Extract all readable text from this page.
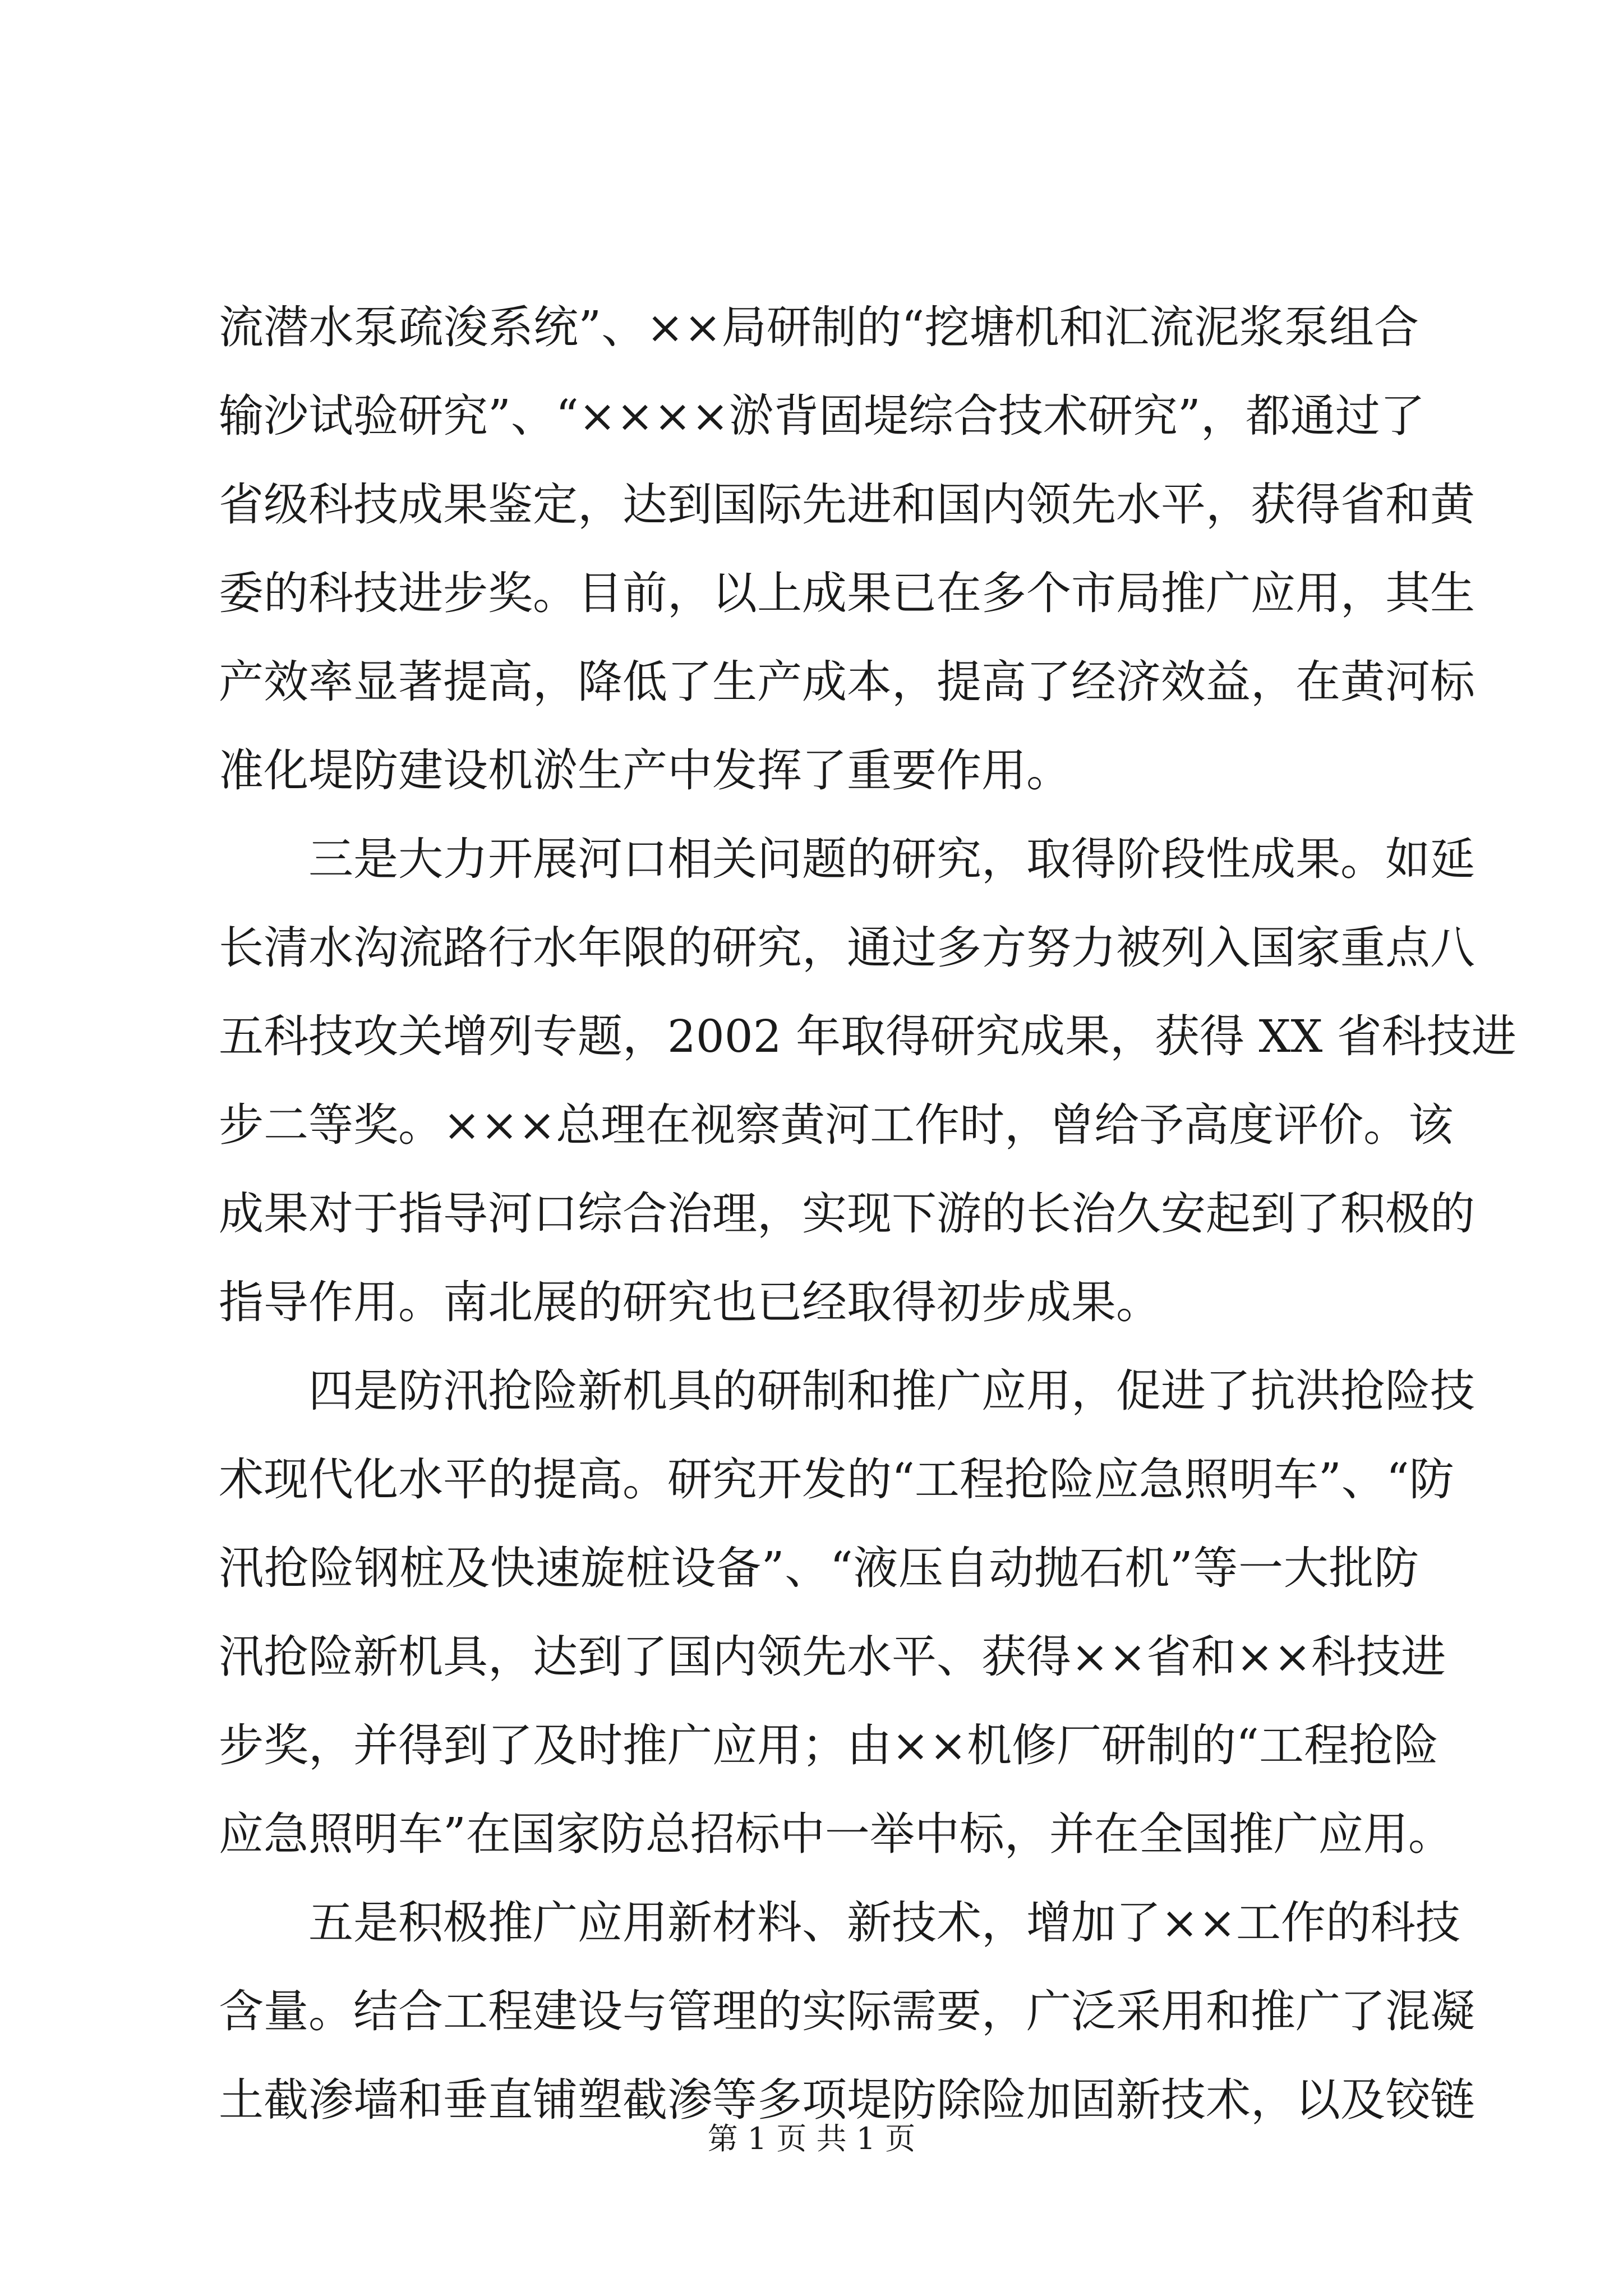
流潜水泵疏浚系统”、××局研制的“挖塘机和汇流泥浆泵组合
输沙试验研究”、“××××淤背固堤综合技术研究”，都通过了
省级科技成果鉴定，达到国际先进和国内领先水平，获得省和黄
委的科技进步奖。目前，以上成果已在多个市局推广应用，其生
产效率显著提高，降低了生产成本，提高了经济效益，在黄河标
准化堤防建设机淤生产中发挥了重要作用。
三是大力开展河口相关问题的研究，取得阶段性成果。如延
长清水沟流路行水年限的研究，通过多方努力被列入国家重点八
五科技攻关增列专题，2002 年取得研究成果，获得 XX 省科技进
步二等奖。×××总理在视察黄河工作时，曾给予高度评价。该
成果对于指导河口综合治理，实现下游的长治久安起到了积极的
指导作用。南北展的研究也已经取得初步成果。
四是防汛抢险新机具的研制和推广应用，促进了抗洪抢险技
术现代化水平的提高。研究开发的“工程抢险应急照明车”、“防
汛抢险钢桩及快速旋桩设备”、“液压自动抛石机”等一大批防
汛抢险新机具，达到了国内领先水平、获得××省和××科技进
步奖，并得到了及时推广应用；由××机修厂研制的“工程抢险
应急照明车”在国家防总招标中一举中标，并在全国推广应用。
五是积极推广应用新材料、新技术，增加了××工作的科技
含量。结合工程建设与管理的实际需要，广泛采用和推广了混凝
土截渗墙和垂直铺塑截渗等多项堤防除险加固新技术，以及铰链
第 1 页 共 1 页
